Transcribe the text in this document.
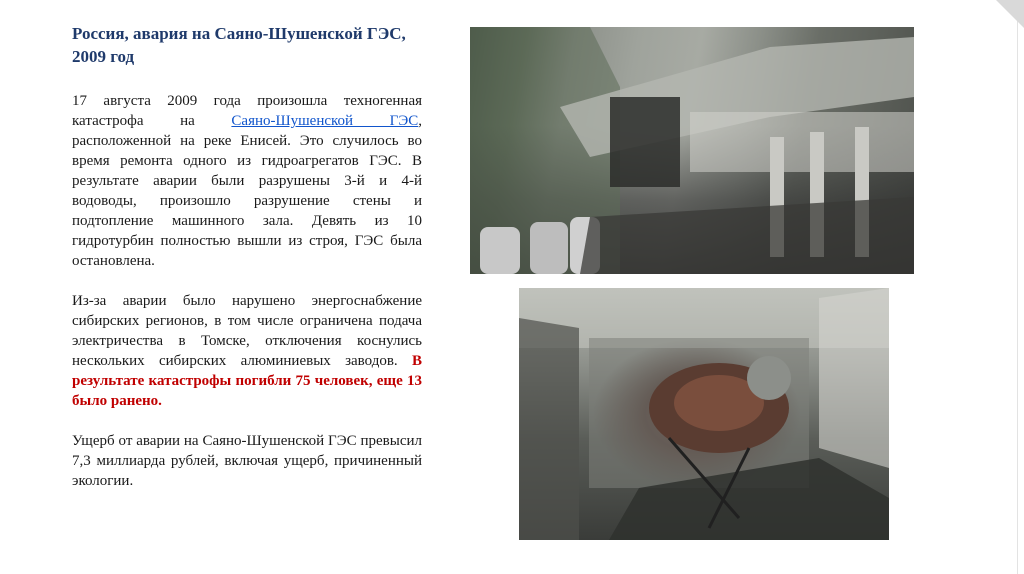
Россия, авария на Саяно-Шушенской ГЭС, 2009 год
17 августа 2009 года произошла техногенная катастрофа на Саяно-Шушенской ГЭС, расположенной на реке Енисей. Это случилось во время ремонта одного из гидроагрегатов ГЭС. В результате аварии были разрушены 3-й и 4-й водоводы, произошло разрушение стены и подтопление машинного зала. Девять из 10 гидротурбин полностью вышли из строя, ГЭС была остановлена.
Из-за аварии было нарушено энергоснабжение сибирских регионов, в том числе ограничена подача электричества в Томске, отключения коснулись нескольких сибирских алюминиевых заводов. В результате катастрофы погибли 75 человек, еще 13 было ранено.
Ущерб от аварии на Саяно-Шушенской ГЭС превысил 7,3 миллиарда рублей, включая ущерб, причиненный экологии.
